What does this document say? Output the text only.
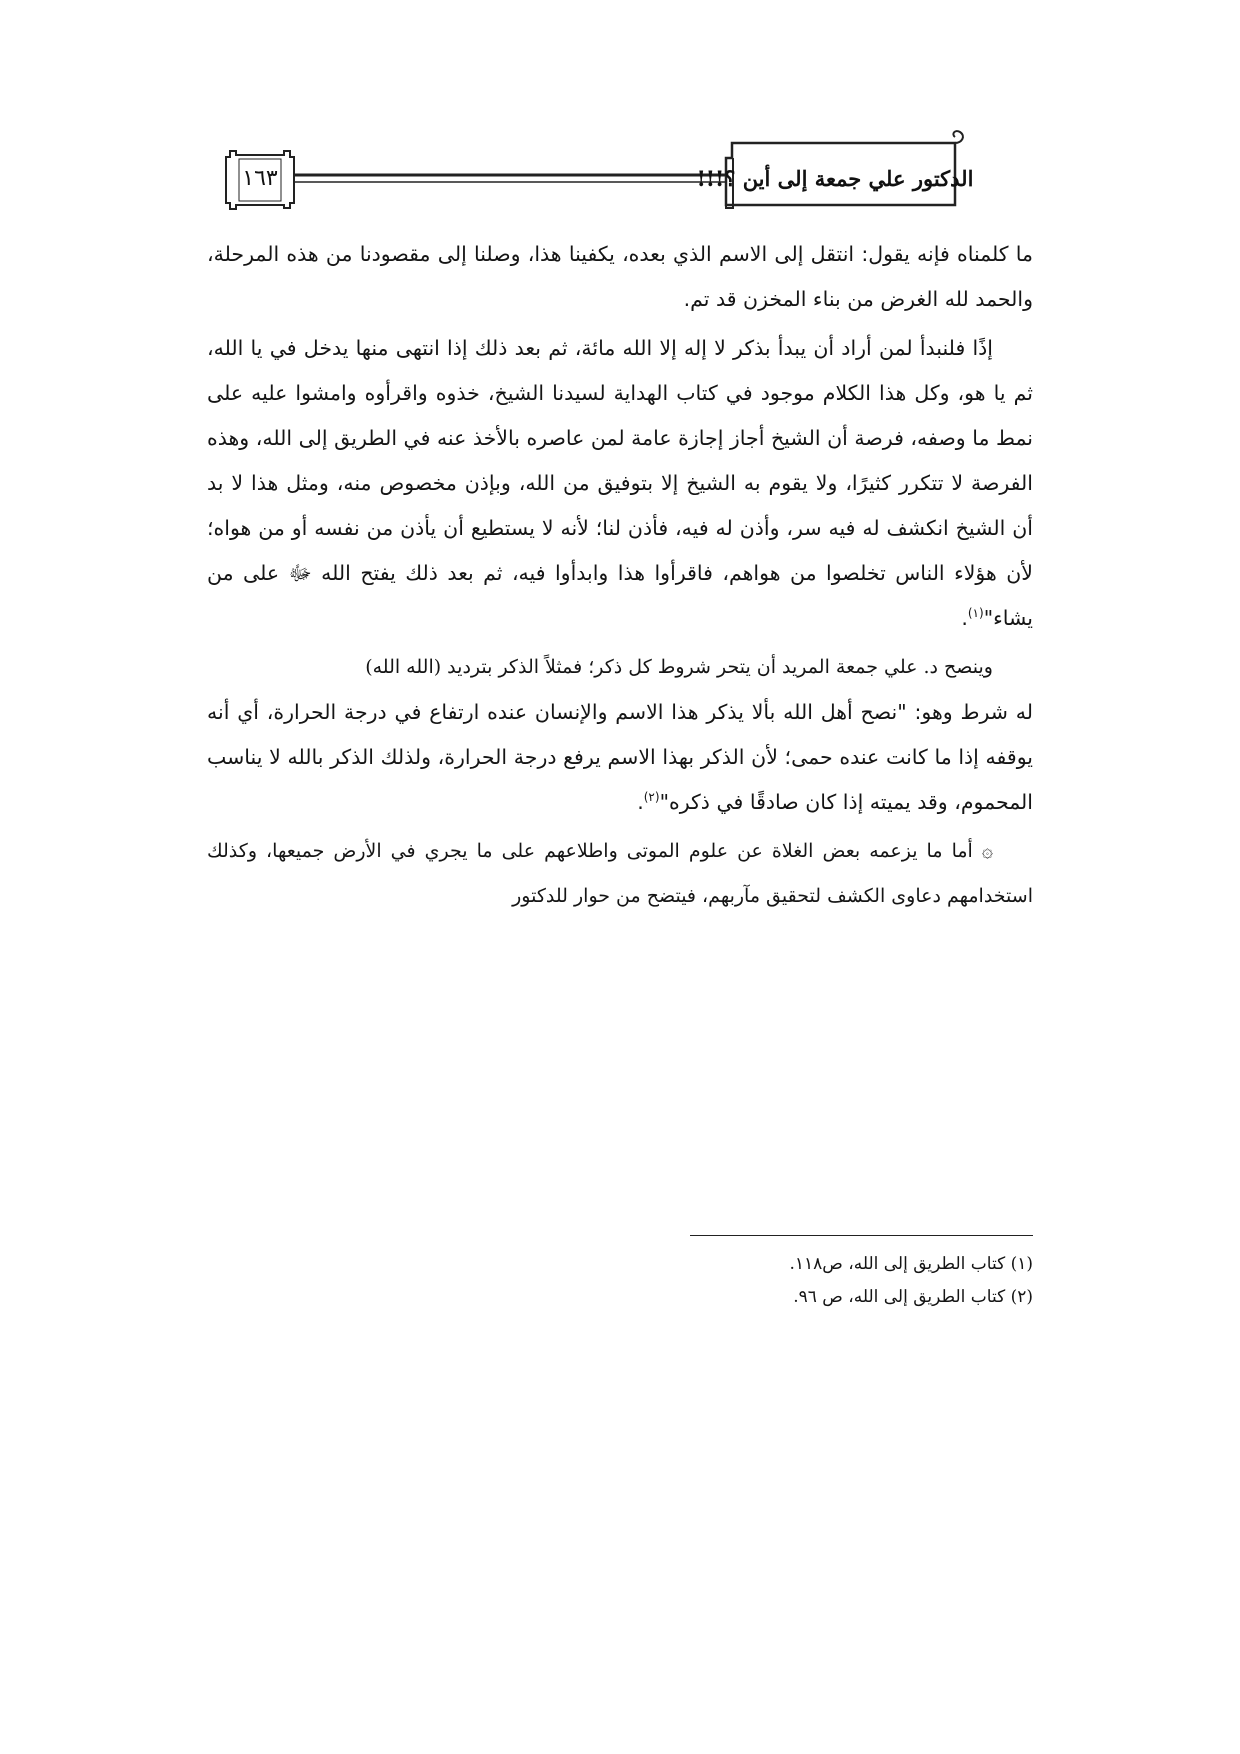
الدكتور علي جمعة إلى أين ؟!!!
١٦٣

ما كلمناه فإنه يقول: انتقل إلى الاسم الذي بعده، يكفينا هذا، وصلنا إلى مقصودنا من هذه المرحلة، والحمد لله الغرض من بناء المخزن قد تم.

إذًا فلنبدأ لمن أراد أن يبدأ بذكر لا إله إلا الله مائة، ثم بعد ذلك إذا انتهى منها يدخل في يا الله، ثم يا هو، وكل هذا الكلام موجود في كتاب الهداية لسيدنا الشيخ، خذوه واقرأوه وامشوا عليه على نمط ما وصفه، فرصة أن الشيخ أجاز إجازة عامة لمن عاصره بالأخذ عنه في الطريق إلى الله، وهذه الفرصة لا تتكرر كثيرًا، ولا يقوم به الشيخ إلا بتوفيق من الله، وبإذن مخصوص منه، ومثل هذا لا بد أن الشيخ انكشف له فيه سر، وأذن له فيه، فأذن لنا؛ لأنه لا يستطيع أن يأذن من نفسه أو من هواه؛ لأن هؤلاء الناس تخلصوا من هواهم، فاقرأوا هذا وابدأوا فيه، ثم بعد ذلك يفتح الله ﷻ على من يشاء"$^{(١)}$.

وينصح د. علي جمعة المريد أن يتحر شروط كل ذكر؛ فمثلاً الذكر بترديد (الله الله)

له شرط وهو: "نصح أهل الله بألا يذكر هذا الاسم والإنسان عنده ارتفاع في درجة الحرارة، أي أنه يوقفه إذا ما كانت عنده حمى؛ لأن الذكر بهذا الاسم يرفع درجة الحرارة، ولذلك الذكر بالله لا يناسب المحموم، وقد يميته إذا كان صادقًا في ذكره"$^{(٢)}$.

۞ أما ما يزعمه بعض الغلاة عن علوم الموتى واطلاعهم على ما يجري في الأرض جميعها، وكذلك استخدامهم دعاوى الكشف لتحقيق مآربهم، فيتضح من حوار للدكتور

(١) كتاب الطريق إلى الله، ص١١٨.

(٢) كتاب الطريق إلى الله، ص ٩٦.
